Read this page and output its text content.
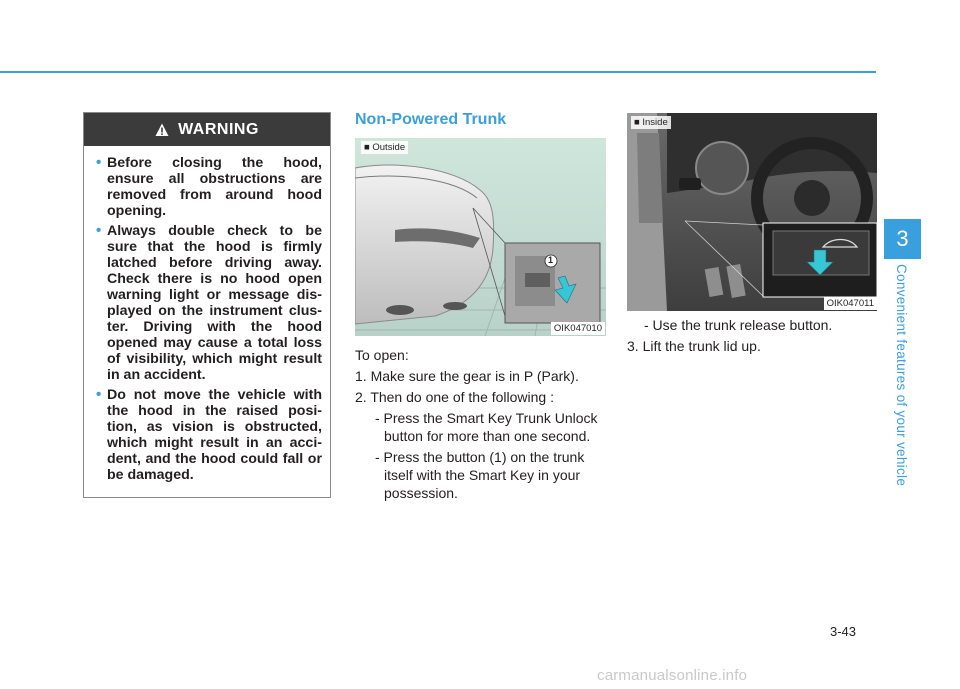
WARNING
• Before closing the hood, ensure all obstructions are removed from around hood opening.
• Always double check to be sure that the hood is firmly latched before driving away. Check there is no hood open warning light or message dis-played on the instrument clus-ter. Driving with the hood opened may cause a total loss of visibility, which might result in an accident.
• Do not move the vehicle with the hood in the raised posi-tion, as vision is obstructed, which might result in an acci-dent, and the hood could fall or be damaged.
Non-Powered Trunk
1
■ Outside
OIK047010
■ Inside
OIK047011

To open:

1. Make sure the gear is in P (Park).

2. Then do one of the following :

- Press the Smart Key Trunk Unlock button for more than one second.

- Press the button (1) on the trunk itself with the Smart Key in your possession.

- Use the trunk release button.

3. Lift the trunk lid up.

3
Convenient features of your vehicle
3-43
carmanualsonline.info
